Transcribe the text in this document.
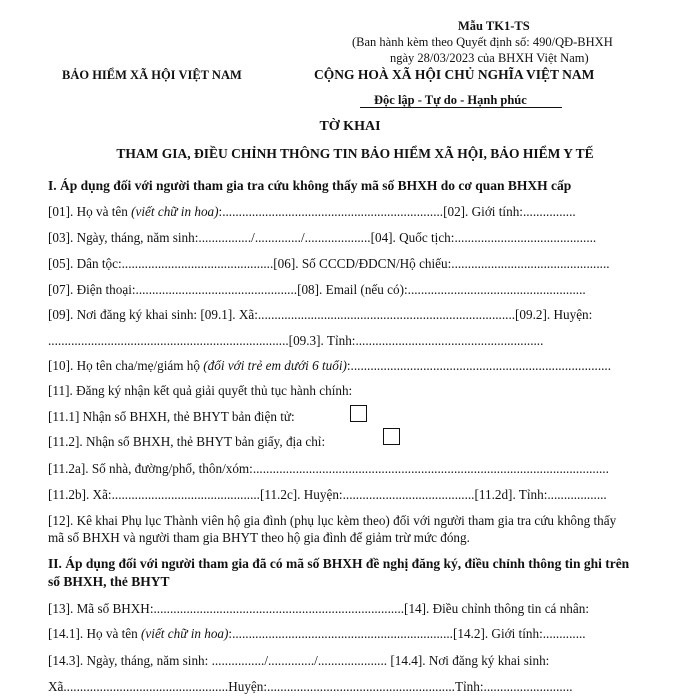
Mẫu TK1-TS
(Ban hành kèm theo Quyết định số: 490/QĐ-BHXH
ngày 28/03/2023 của BHXH Việt Nam)
BẢO HIỂM XÃ HỘI VIỆT NAM	CỘNG HOÀ XÃ HỘI CHỦ NGHĨA VIỆT NAM
Độc lập - Tự do - Hạnh phúc
TỜ KHAI
THAM GIA, ĐIỀU CHỈNH THÔNG TIN BẢO HIỂM XÃ HỘI, BẢO HIỂM Y TẾ
I. Áp dụng đối với người tham gia tra cứu không thấy mã số BHXH do cơ quan BHXH cấp
[01]. Họ và tên (viết chữ in hoa):...................................................................[02]. Giới tính:................
[03]. Ngày, tháng, năm sinh:................/............../....................[04]. Quốc tịch:...........................................
[05]. Dân tộc:..............................................[06]. Số CCCD/ĐDCN/Hộ chiếu:................................................
[07]. Điện thoại:.................................................[08]. Email (nếu có):......................................................
[09]. Nơi đăng ký khai sinh: [09.1]. Xã:..............................................................................[09.2]. Huyện:
.........................................................................[09.3]. Tỉnh:.........................................................
[10]. Họ tên cha/mẹ/giám hộ (đối với trẻ em dưới 6 tuổi):...............................................................................
[11]. Đăng ký nhận kết quả giải quyết thủ tục hành chính:
[11.1] Nhận sổ BHXH, thẻ BHYT bản điện tử:
[11.2]. Nhận sổ BHXH, thẻ BHYT bản giấy, địa chỉ:
[11.2a]. Số nhà, đường/phố, thôn/xóm:............................................................................................................
[11.2b]. Xã:.............................................[11.2c]. Huyện:........................................[11.2d]. Tỉnh:..................
[12]. Kê khai Phụ lục Thành viên hộ gia đình (phụ lục kèm theo) đối với người tham gia tra cứu không thấy
mã số BHXH và người tham gia BHYT theo hộ gia đình để giảm trừ mức đóng.
II. Áp dụng đối với người tham gia đã có mã số BHXH đề nghị đăng ký, điều chỉnh thông tin ghi trên
sổ BHXH, thẻ BHYT
[13]. Mã số BHXH:............................................................................[14]. Điều chỉnh thông tin cá nhân:
[14.1]. Họ và tên (viết chữ in hoa):...................................................................[14.2]. Giới tính:.............
[14.3]. Ngày, tháng, năm sinh: ................/............../..................... [14.4]. Nơi đăng ký khai sinh:
Xã..................................................Huyện:.........................................................Tỉnh:...........................
